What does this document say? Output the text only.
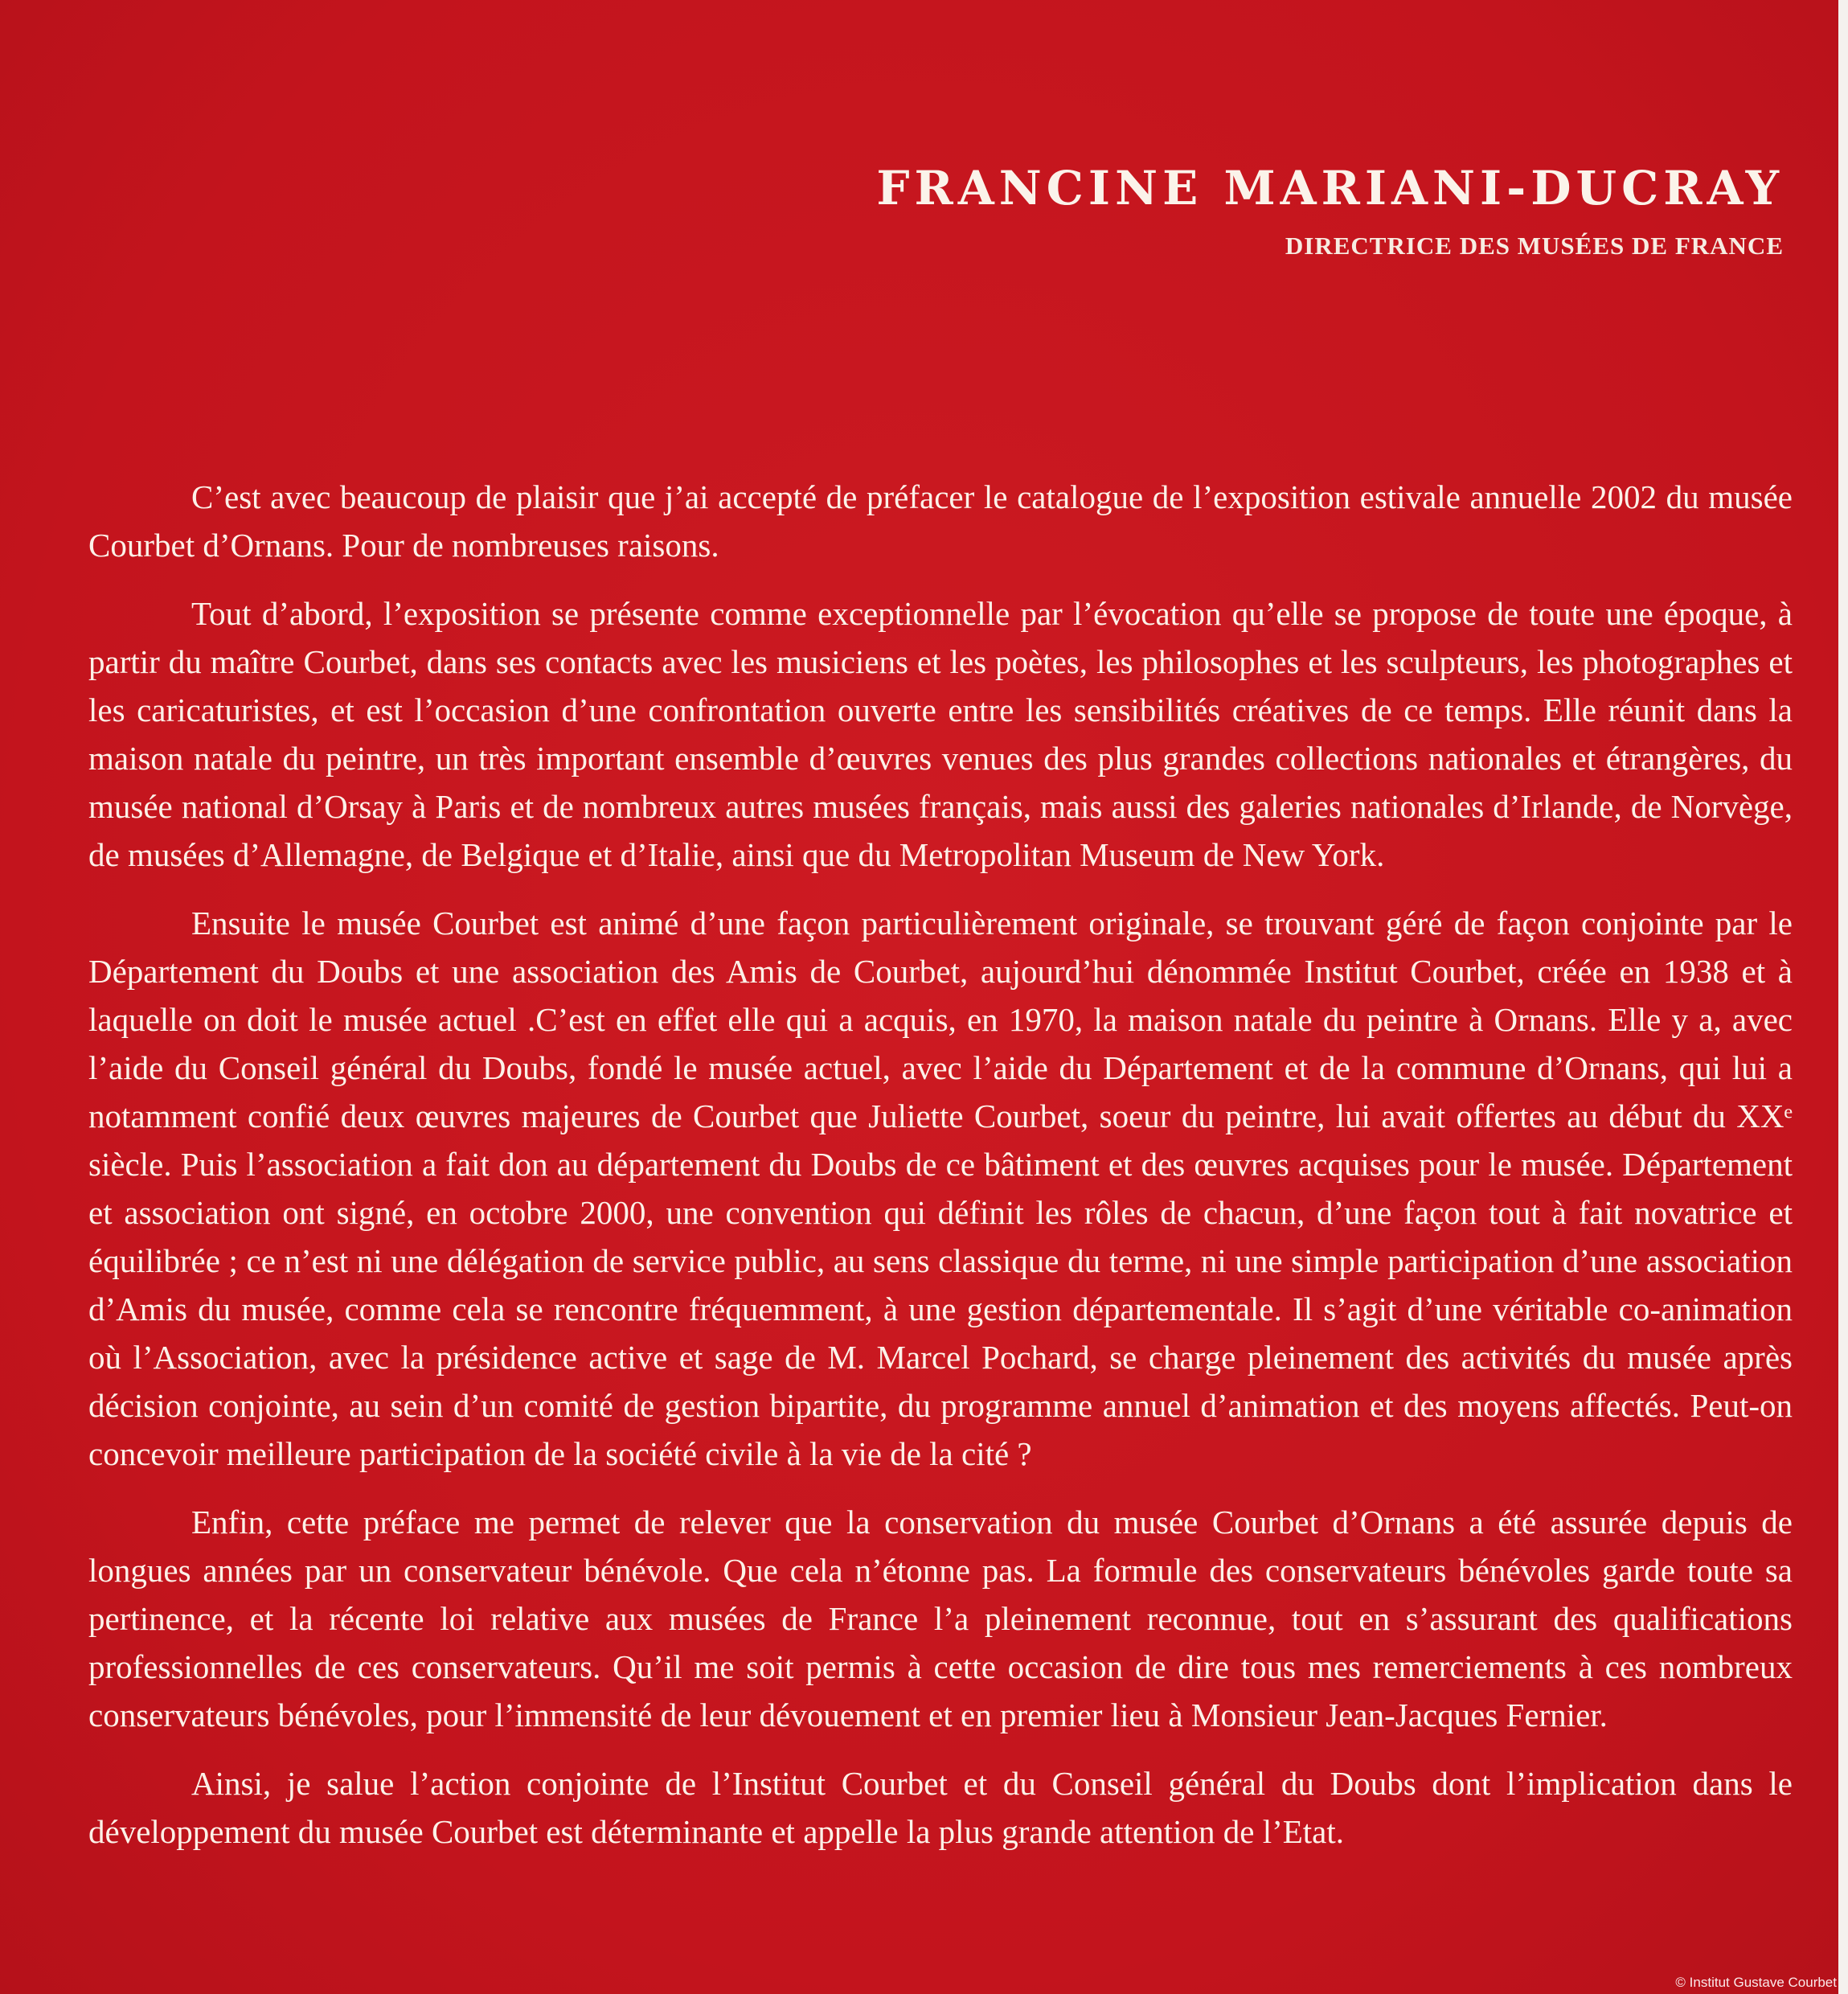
FRANCINE MARIANI-DUCRAY
DIRECTRICE DES MUSÉES DE FRANCE

C’est avec beaucoup de plaisir que j’ai accepté de préfacer le catalogue de l’exposition estivale annuelle 2002 du musée Courbet d’Ornans. Pour de nombreuses raisons.

Tout d’abord, l’exposition se présente comme exceptionnelle par l’évocation qu’elle se propose de toute une époque, à partir du maître Courbet, dans ses contacts avec les musiciens et les poètes, les philosophes et les sculpteurs, les photographes et les caricaturistes, et est l’occasion d’une confrontation ouverte entre les sensibilités créatives de ce temps. Elle réunit dans la maison natale du peintre, un très important ensemble d’œuvres venues des plus grandes collections nationales et étrangères, du musée national d’Orsay à Paris et de nombreux autres musées français, mais aussi des galeries nationales d’Irlande, de Norvège, de musées d’Allemagne, de Belgique et d’Italie, ainsi que du Metropolitan Museum de New York.

Ensuite le musée Courbet est animé d’une façon particulièrement originale, se trouvant géré de façon conjointe par le Département du Doubs et une association des Amis de Courbet, aujourd’hui dénommée Institut Courbet, créée en 1938 et à laquelle on doit le musée actuel .C’est en effet elle qui a acquis, en 1970, la maison natale du peintre à Ornans. Elle y a, avec l’aide du Conseil général du Doubs, fondé le musée actuel, avec l’aide du Département et de la commune d’Ornans, qui lui a notamment confié deux œuvres majeures de Courbet que Juliette Courbet, soeur du peintre, lui avait offertes au début du XXᵉ siècle. Puis l’association a fait don au département du Doubs de ce bâtiment et des œuvres acquises pour le musée. Département et association ont signé, en octobre 2000, une convention qui définit les rôles de chacun, d’une façon tout à fait novatrice et équilibrée ; ce n’est ni une délégation de service public, au sens classique du terme, ni une simple participation d’une association d’Amis du musée, comme cela se rencontre fréquemment, à une gestion départementale. Il s’agit d’une véritable co-animation où l’Association, avec la présidence active et sage de M. Marcel Pochard, se charge pleinement des activités du musée après décision conjointe, au sein d’un comité de gestion bipartite, du programme annuel d’animation et des moyens affectés. Peut-on concevoir meilleure participation de la société civile à la vie de la cité ?

Enfin, cette préface me permet de relever que la conservation du musée Courbet d’Ornans a été assurée depuis de longues années par un conservateur bénévole. Que cela n’étonne pas. La formule des conservateurs bénévoles garde toute sa pertinence, et la récente loi relative aux musées de France l’a pleinement reconnue, tout en s’assurant des qualifications professionnelles de ces conservateurs. Qu’il me soit permis à cette occasion de dire tous mes remerciements à ces nombreux conservateurs bénévoles, pour l’immensité de leur dévouement et en premier lieu à Monsieur Jean-Jacques Fernier.

Ainsi, je salue l’action conjointe de l’Institut Courbet et du Conseil général du Doubs dont l’implication dans le développement du musée Courbet est déterminante et appelle la plus grande attention de l’Etat.

© Institut Gustave Courbet
